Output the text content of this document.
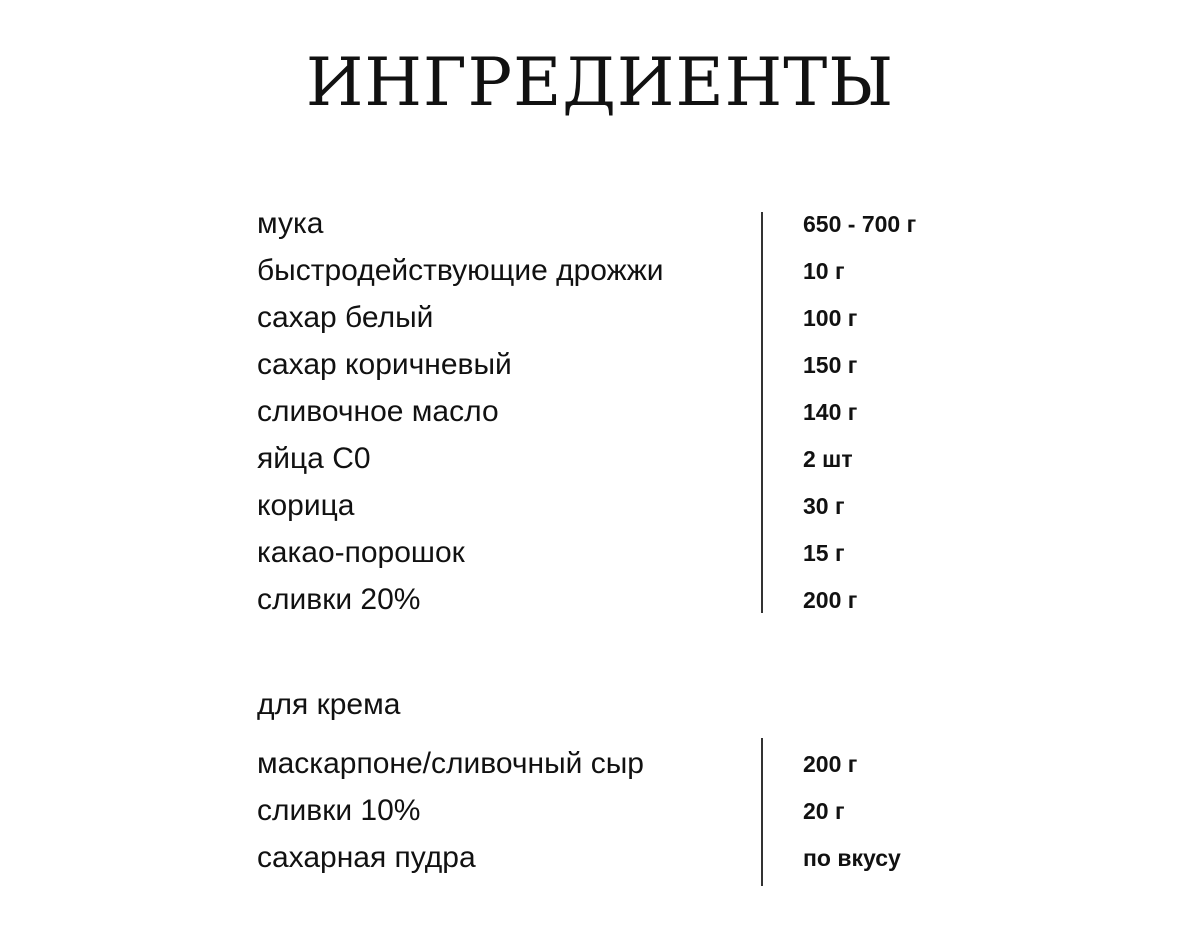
ИНГРЕДИЕНТЫ
мука	650 - 700 г
быстродействующие дрожжи	10 г
сахар белый	100 г
сахар коричневый	150 г
сливочное масло	140 г
яйца С0	2 шт
корица	30 г
какао-порошок	15 г
сливки 20%	200 г
для крема
маскарпоне/сливочный сыр	200 г
сливки 10%	20 г
сахарная пудра	по вкусу
